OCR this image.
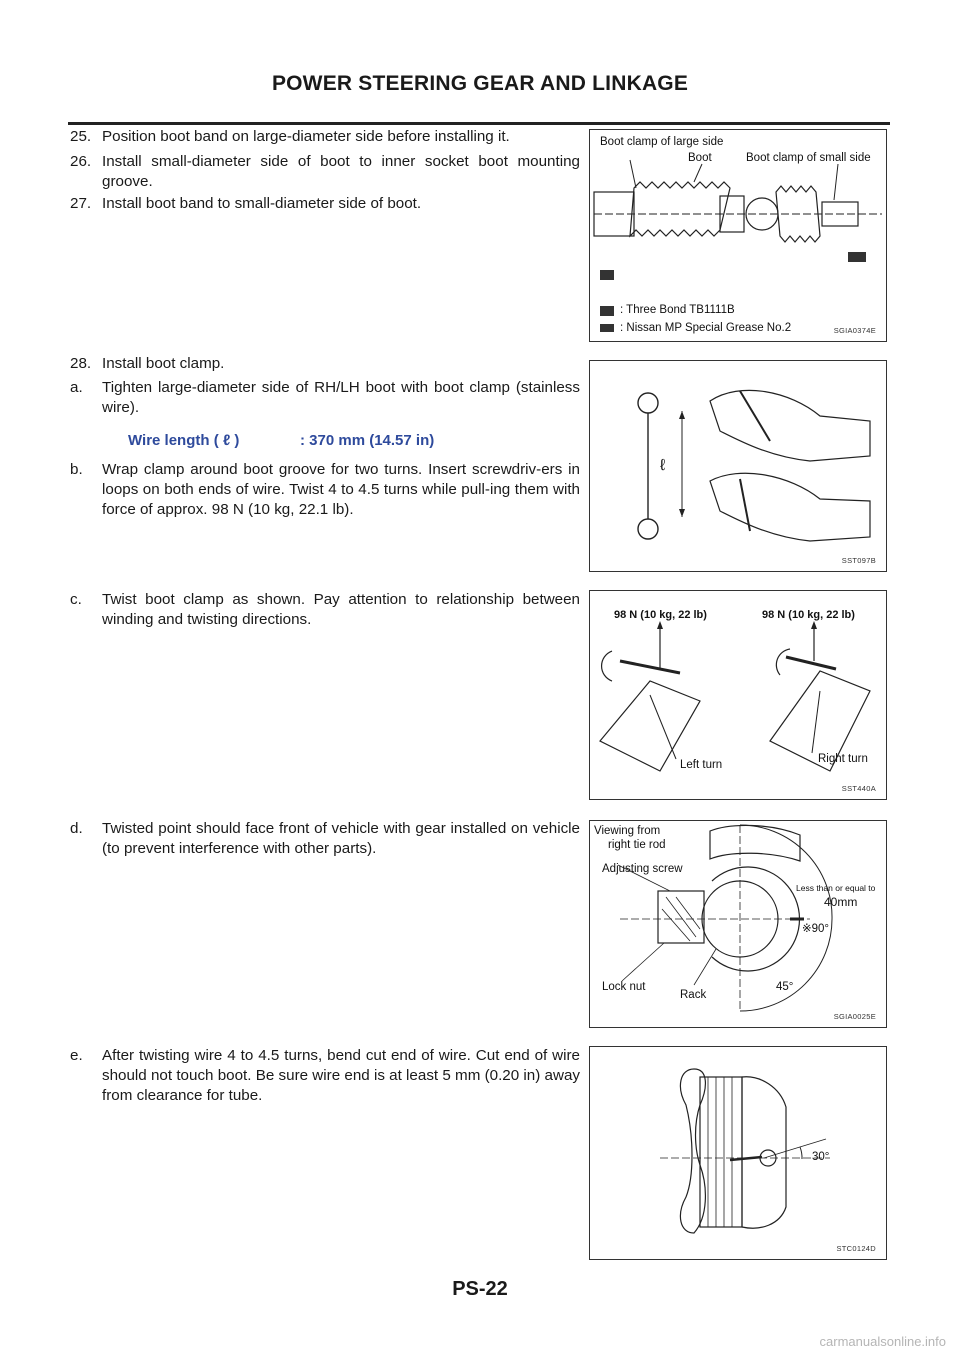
POWER STEERING GEAR AND LINKAGE
25. Position boot band on large-diameter side before installing it.
26. Install small-diameter side of boot to inner socket boot mounting groove.
27. Install boot band to small-diameter side of boot.
28. Install boot clamp.
a. Tighten large-diameter side of RH/LH boot with boot clamp (stainless wire).
Wire length ( ℓ )	: 370 mm (14.57 in)
b. Wrap clamp around boot groove for two turns. Insert screwdriv-ers in loops on both ends of wire. Twist 4 to 4.5 turns while pull-ing them with force of approx. 98 N (10 kg, 22.1 lb).
c. Twist boot clamp as shown. Pay attention to relationship between winding and twisting directions.
d. Twisted point should face front of vehicle with gear installed on vehicle (to prevent interference with other parts).
e. After twisting wire 4 to 4.5 turns, bend cut end of wire. Cut end of wire should not touch boot. Be sure wire end is at least 5 mm (0.20 in) away from clearance for tube.
Boot clamp of large side
Boot	Boot clamp of small side
: Three Bond TB1111B
: Nissan MP Special Grease No.2	SGIA0374E
ℓ
SST097B
98 N (10 kg, 22 lb)	98 N (10 kg, 22 lb)
Left turn	Right turn
SST440A
Viewing from
right tie rod
Adjusting screw
Less than or equal to
40mm
※90°
45°
Lock nut
Rack
SGIA0025E
30°
STC0124D
PS-22
carmanualsonline.info
